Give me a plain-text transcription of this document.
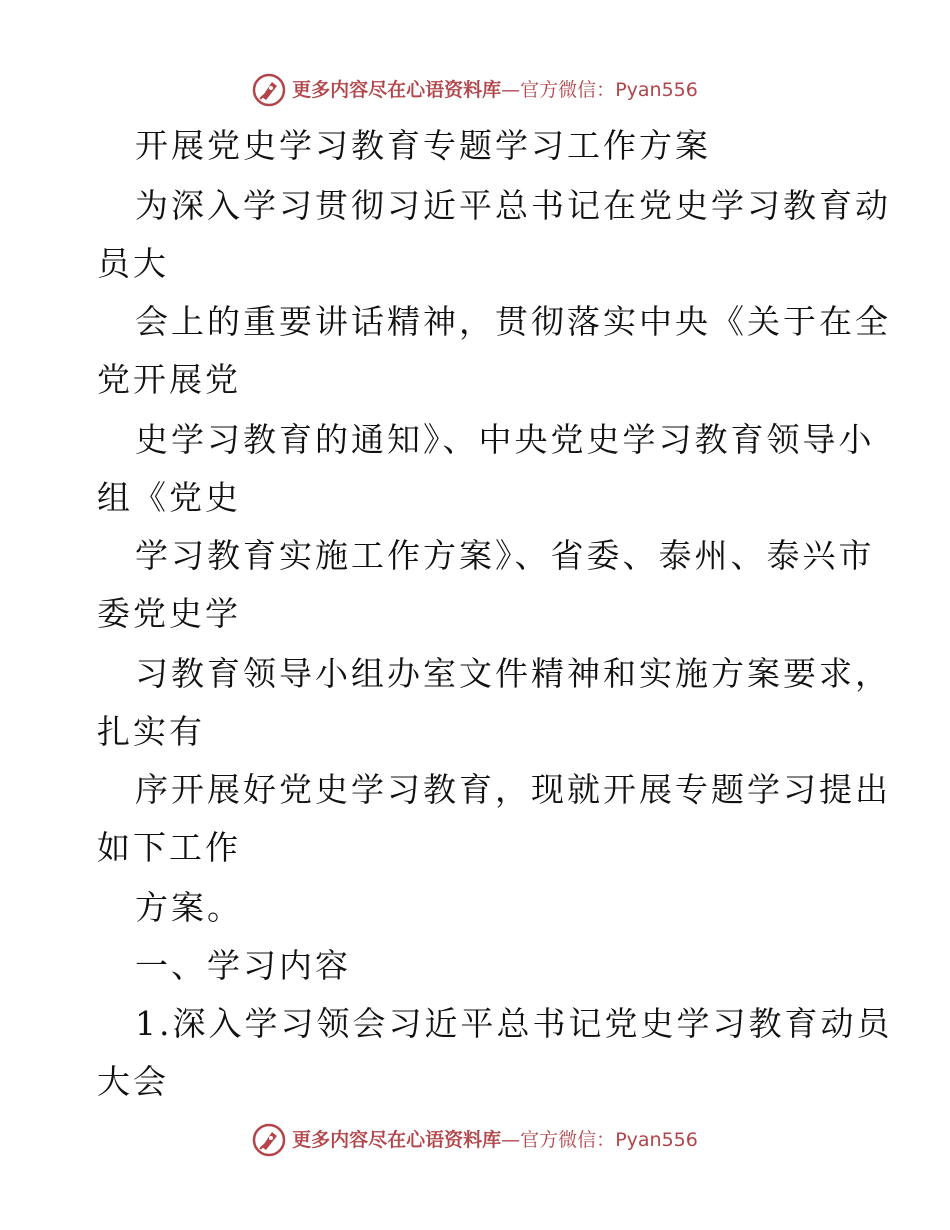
更多内容尽在心语资料库—官方微信：Pyan556
开展党史学习教育专题学习工作方案
为深入学习贯彻习近平总书记在党史学习教育动
员大
会上的重要讲话精神，贯彻落实中央《关于在全
党开展党
史学习教育的通知》、中央党史学习教育领导小
组《党史
学习教育实施工作方案》、省委、泰州、泰兴市
委党史学
习教育领导小组办室文件精神和实施方案要求，
扎实有
序开展好党史学习教育，现就开展专题学习提出
如下工作
方案。
一、学习内容
1.深入学习领会习近平总书记党史学习教育动员
大会
更多内容尽在心语资料库—官方微信：Pyan556
